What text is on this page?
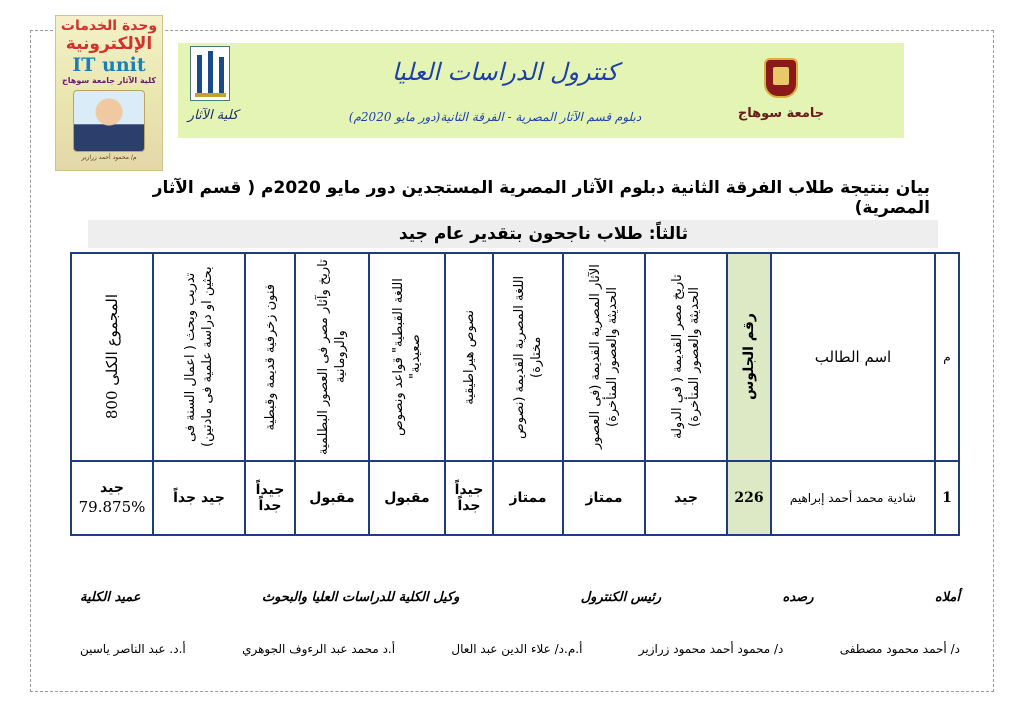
وحدة الخدمات
الإلكترونية
IT unit
كلية الآثار جامعة سوهاج
م/ محمود أحمد زرازير
كلية الآثار
كنترول الدراسات العليا
دبلوم قسم الآثار المصرية - الفرقة الثانية(دور مايو 2020م)	جامعة سوهاج
بيان بنتيجة طلاب الفرقة الثانية دبلوم الآثار المصرية المستجدين دور مايو 2020م ( قسم الآثار المصرية)
ثالثاً: طلاب ناجحون بتقدير عام جيد
م	اسم الطالب	رقم الجلوس	تاريخ مصر القديمة ( فى الدولة الحديثة والعصور المتأخرة)	الآثار المصرية القديمة (فى العصور الحديثة والعصور المتأخرة)	اللغة المصرية القديمة (نصوص مختارة)	نصوص هيراطيقية	اللغة القبطية" قواعد ونصوص صعيدية"	تاريخ وآثار مصر فى العصور البطلمية والرومانية	فنون زخرفية قديمة وقبطية	تدريب وبحث ( اعمال السنة فى بحثين او دراسة علمية فى مادتين)	المجموع الكلى 800

1	شادية محمد أحمد إبراهيم	226	جيد	ممتاز	ممتاز	جيداً جداً	مقبول	مقبول	جيداً جداً	جيد جداً	جيد
79.875%
أملاه
رصده
رئيس الكنترول
وكيل الكلية للدراسات العليا والبحوث
عميد الكلية
د/ أحمد محمود مصطفى
د/ محمود أحمد محمود زرازير
أ.م.د/ علاء الدين عبد العال
أ.د محمد عبد الرءوف الجوهري
أ.د. عبد الناصر ياسين
